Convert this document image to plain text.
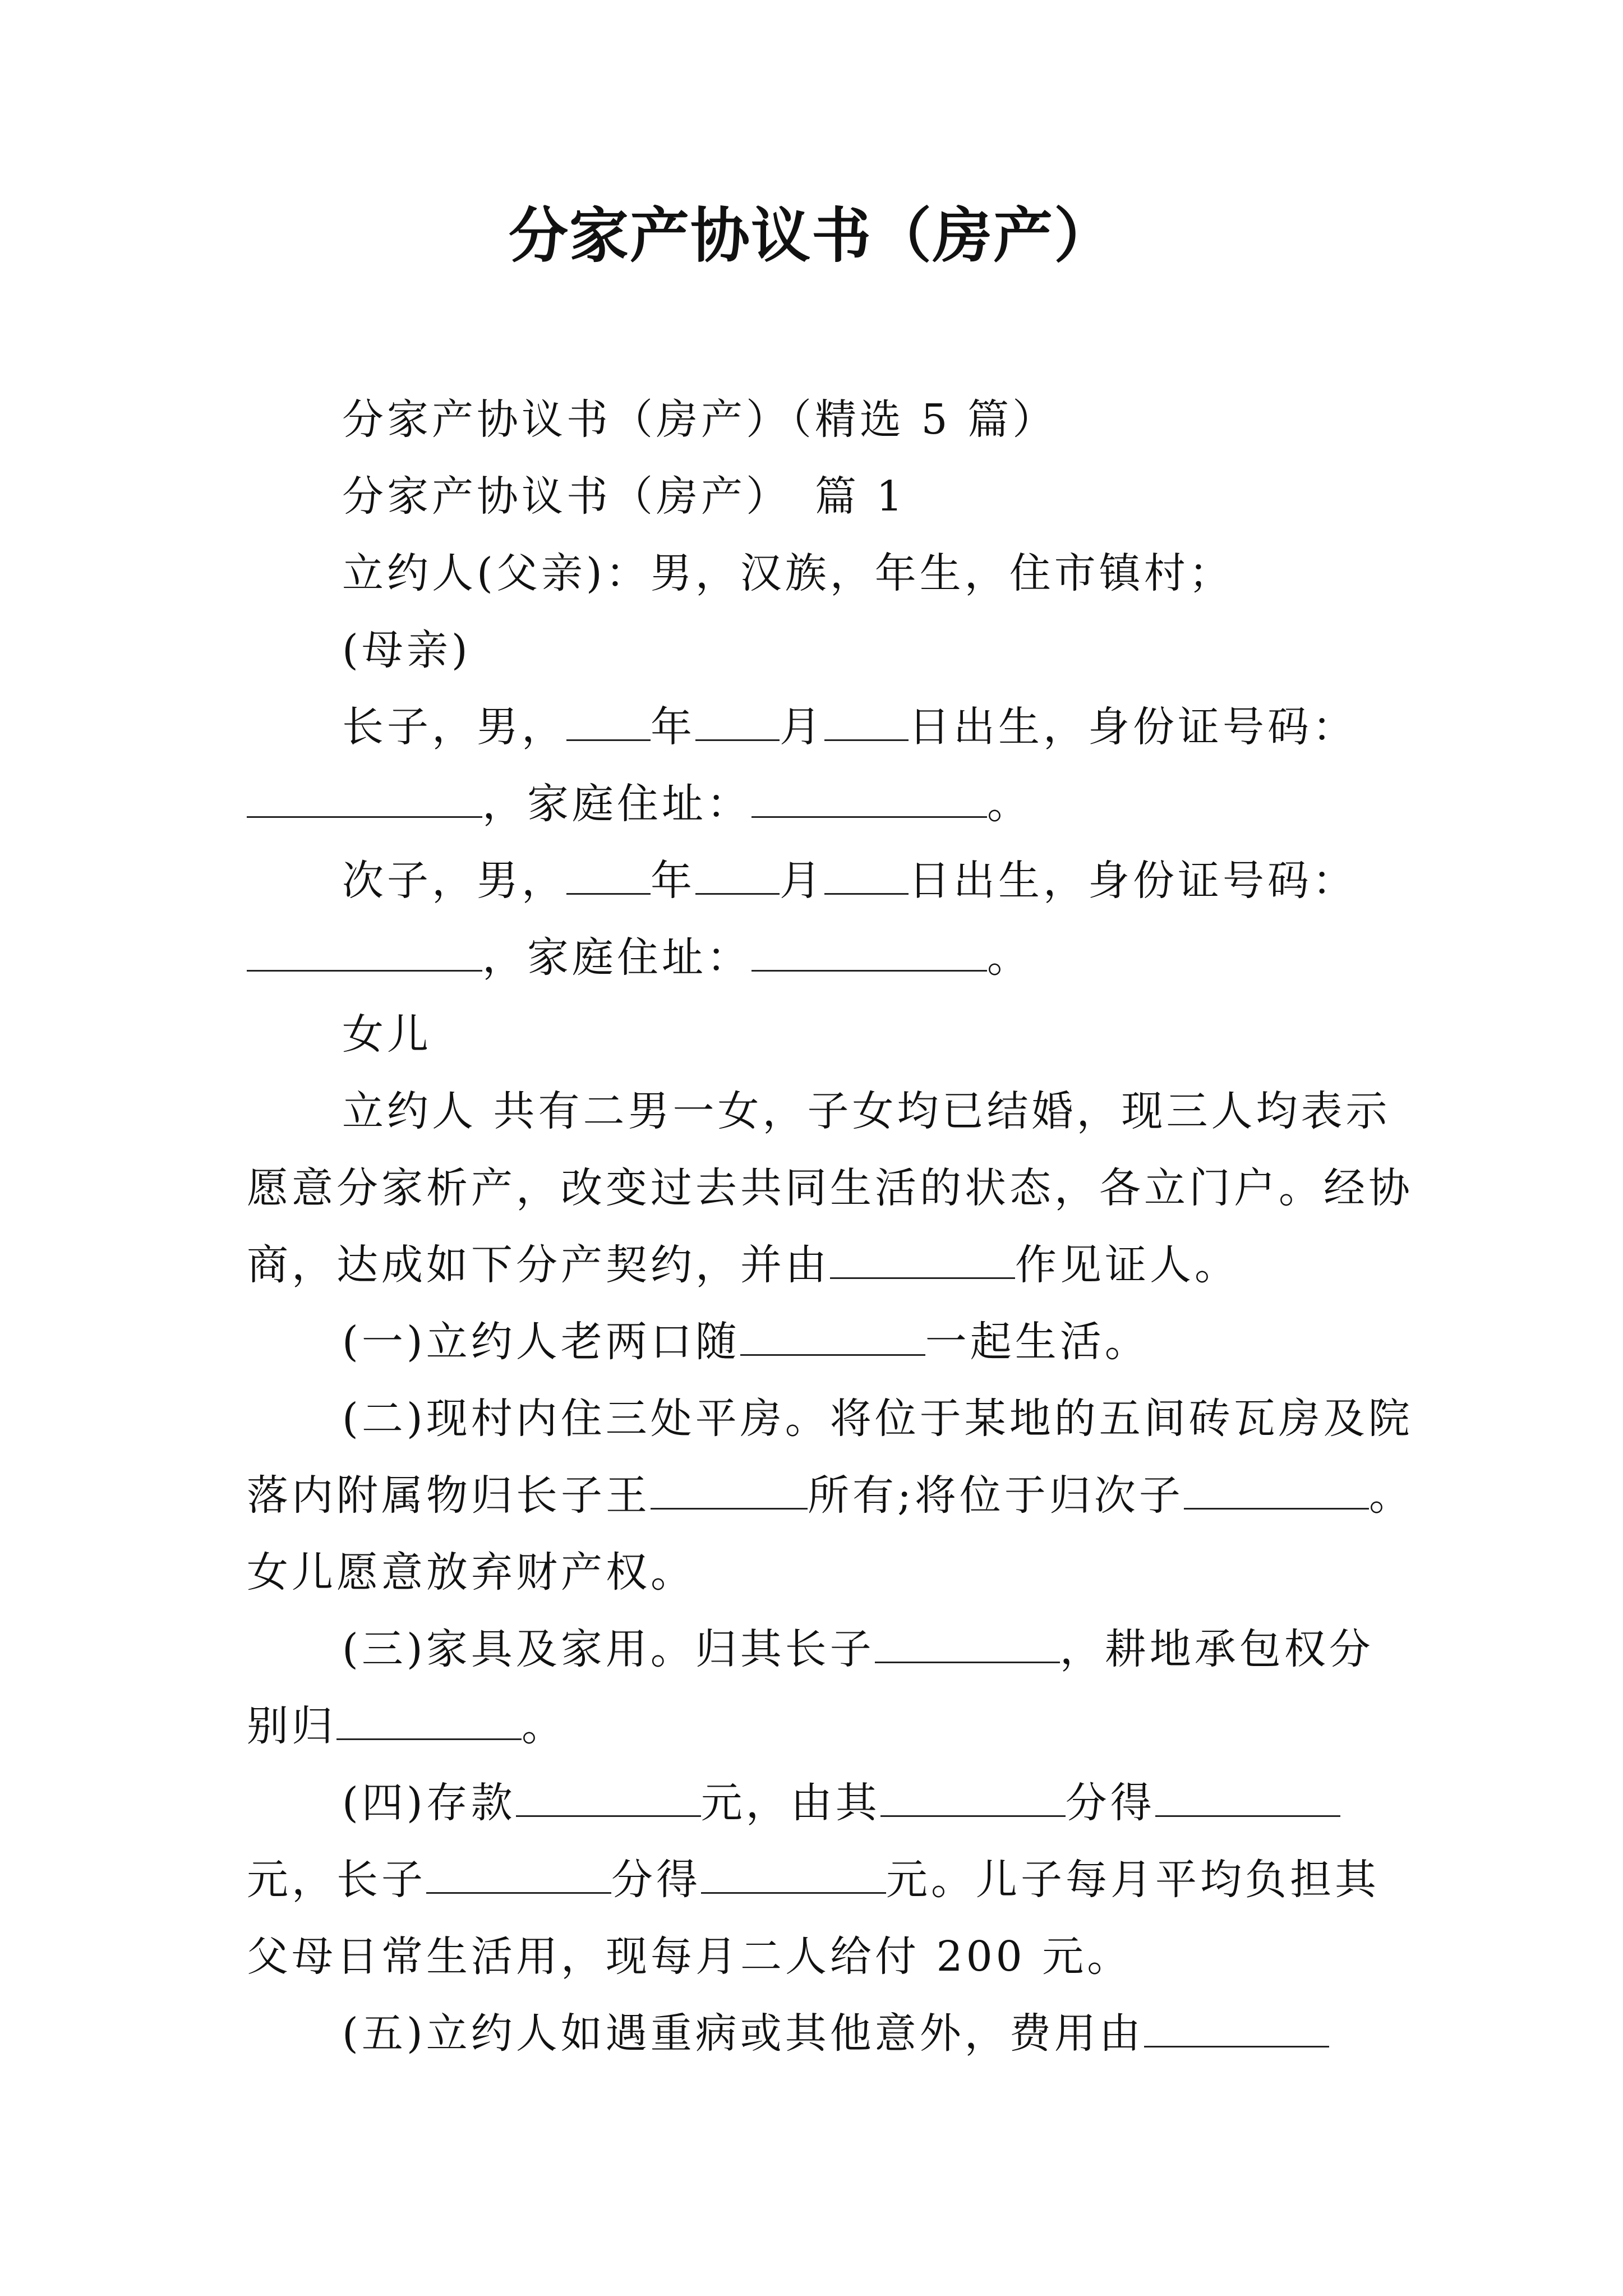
分家产协议书（房产）
分家产协议书（房产）（精选 5 篇）
分家产协议书（房产）　篇 1
立约人(父亲)：男，汉族，年生，住市镇村；
(母亲)
长子，男， 年 月 日出生，身份证号码：
，家庭住址：	。
次子，男， 年 月 日出生，身份证号码：
，家庭住址：	。
女儿
立约人 共有二男一女，子女均已结婚，现三人均表示
愿意分家析产，改变过去共同生活的状态，各立门户。经协
商，达成如下分产契约，并由	作见证人。
(一)立约人老两口随	一起生活。
(二)现村内住三处平房。将位于某地的五间砖瓦房及院
落内附属物归长子王	所有;将位于归次子	。
女儿愿意放弃财产权。
(三)家具及家用。归其长子	，耕地承包权分
别归	。
(四)存款	元，由其	分得
元，长子	分得	元。儿子每月平均负担其
父母日常生活用，现每月二人给付 200 元。
(五)立约人如遇重病或其他意外，费用由
